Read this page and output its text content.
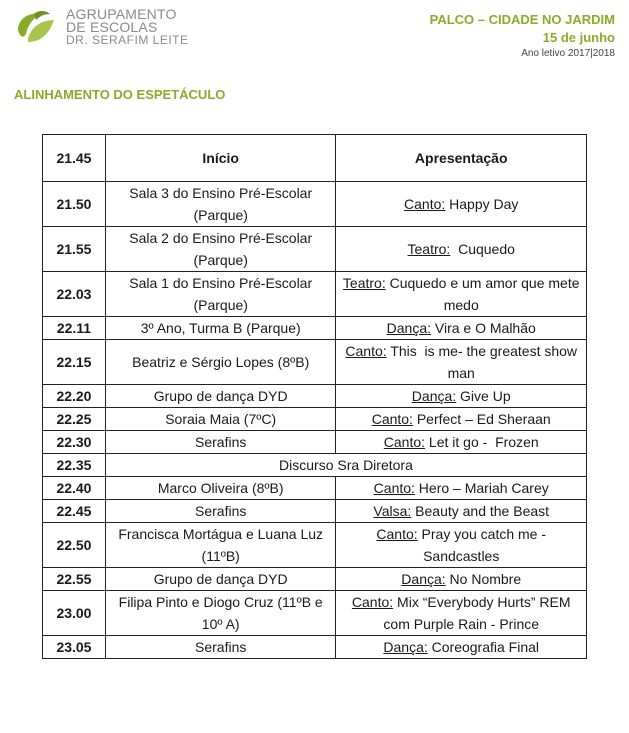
AGRUPAMENTO
DE ESCOLAS
DR. SERAFIM LEITE
PALCO – CIDADE NO JARDIM
15 de junho
Ano letivo 2017|2018
ALINHAMENTO DO ESPETÁCULO
21.45	Início	Apresentação
21.50	Sala 3 do Ensino Pré-Escolar (Parque)	Canto: Happy Day
21.55	Sala 2 do Ensino Pré-Escolar (Parque)	Teatro:  Cuquedo
22.03	Sala 1 do Ensino Pré-Escolar (Parque)	Teatro: Cuquedo e um amor que mete medo
22.11	3º Ano, Turma B (Parque)	Dança: Vira e O Malhão
22.15	Beatriz e Sérgio Lopes (8ºB)	Canto: This  is me- the greatest show man
22.20	Grupo de dança DYD	Dança: Give Up
22.25	Soraia Maia (7ºC)	Canto: Perfect – Ed Sheraan
22.30	Serafins	Canto: Let it go -  Frozen
22.35	Discurso Sra Diretora	
22.40	Marco Oliveira (8ºB)	Canto: Hero – Mariah Carey
22.45	Serafins	Valsa: Beauty and the Beast
22.50	Francisca Mortágua e Luana Luz (11ºB)	Canto: Pray you catch me - Sandcastles
22.55	Grupo de dança DYD	Dança: No Nombre
23.00	Filipa Pinto e Diogo Cruz (11ºB e 10º A)	Canto: Mix “Everybody Hurts” REM com Purple Rain - Prince
23.05	Serafins	Dança: Coreografia Final
